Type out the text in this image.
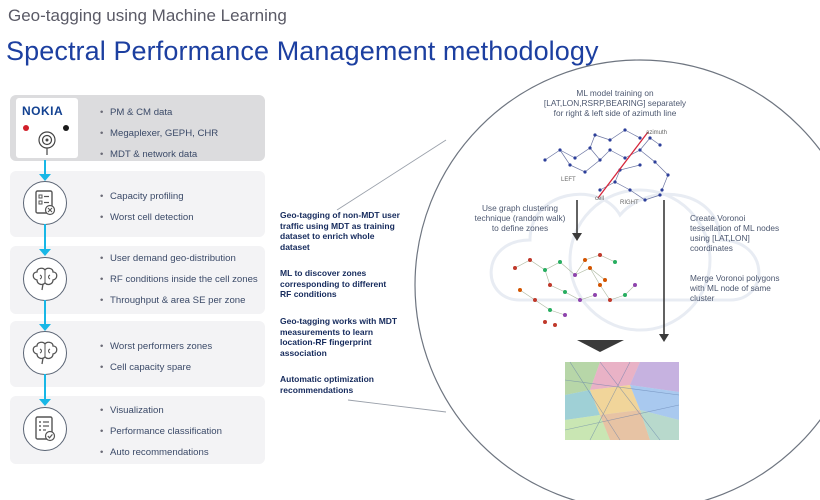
Geo-tagging using Machine Learning
Spectral Performance Management methodology
• PM & CM data
• Megaplexer, GEPH, CHR
• MDT & network data
NOKIA
• Capacity profiling
• Worst cell detection
• User demand geo-distribution
• RF conditions inside the cell zones
• Throughput & area SE per zone
• Worst performers zones
• Cell capacity spare
• Visualization
• Performance classification
• Auto recommendations
Geo-tagging of non-MDT user traffic using MDT as training dataset to enrich whole dataset
ML to discover zones corresponding to different RF conditions
Geo-tagging works with MDT measurements to learn location-RF fingerprint association
Automatic optimization recommendations
ML model training on [LAT,LON,RSRP,BEARING] separately for right & left side of azimuth line
azimuth
LEFT
cell
RIGHT
Use graph clustering technique (random walk) to define zones
Create Voronoi tessellation of ML nodes using [LAT,LON] coordinates
Merge Voronoi polygons with ML node of same cluster
